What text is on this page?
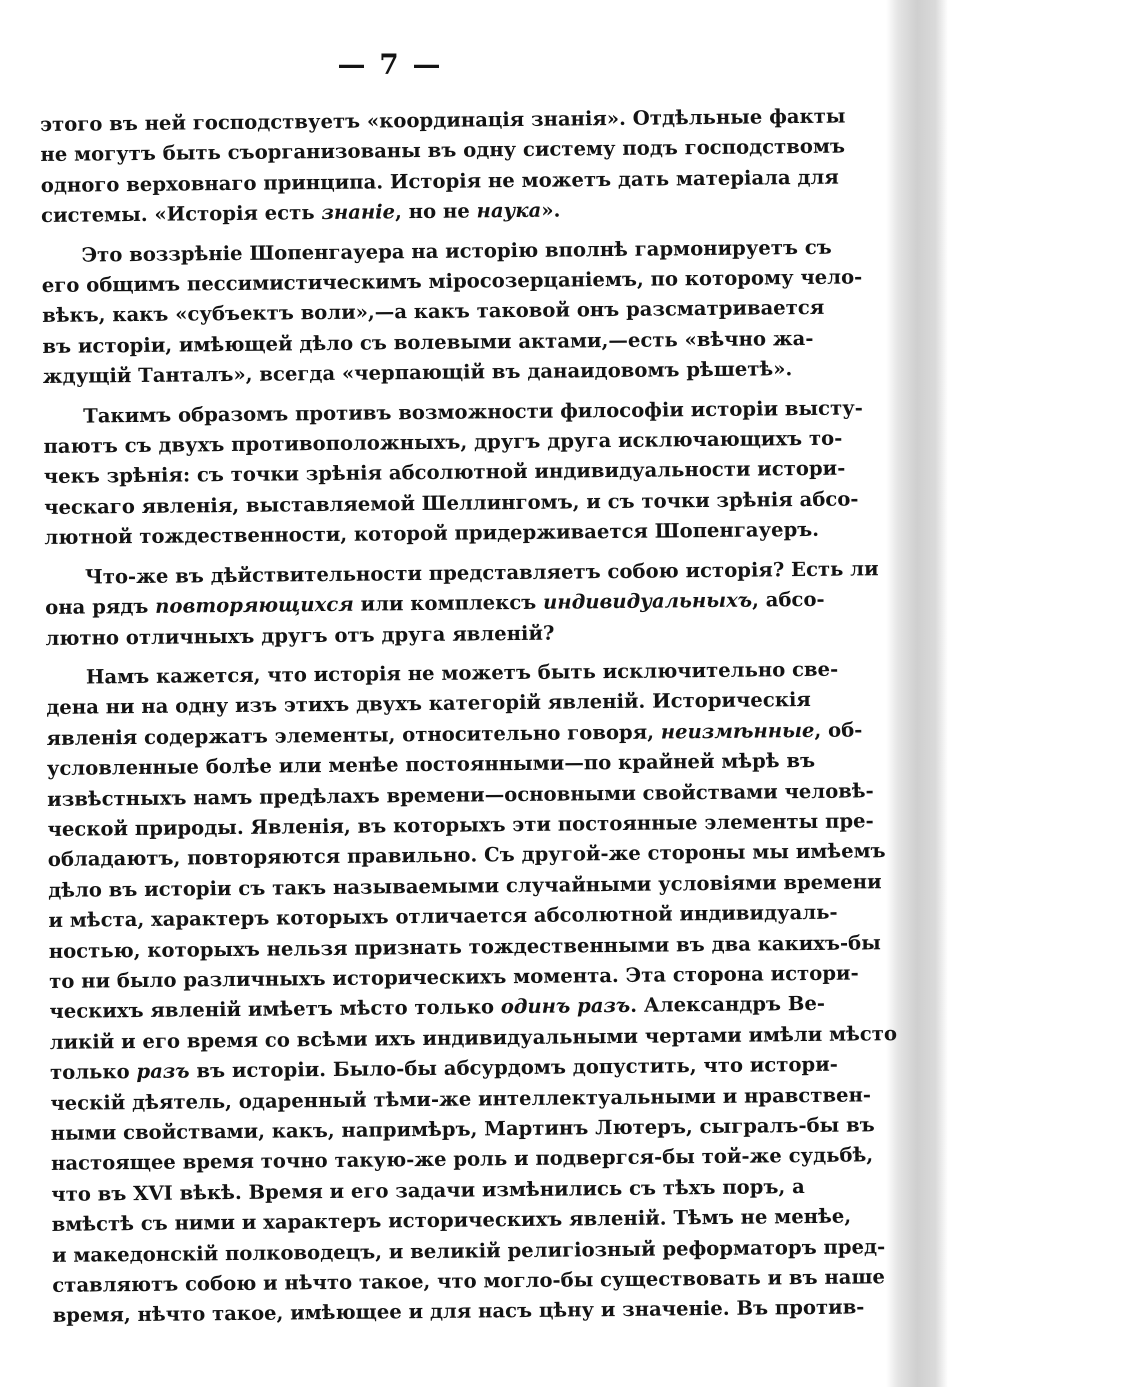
— 7 —

этого въ ней господствуетъ «координація знанія». Отдѣльные факты
не могутъ быть съорганизованы въ одну систему подъ господствомъ
одного верховнаго принципа. Исторія не можетъ дать матеріала для
системы. «Исторія есть знаніе, но не наука».

Это воззрѣніе Шопенгауера на исторію вполнѣ гармонируетъ съ
его общимъ пессимистическимъ міросозерцаніемъ, по которому чело-
вѣкъ, какъ «субъектъ воли»,—а какъ таковой онъ разсматривается
въ исторіи, имѣющей дѣло съ волевыми актами,—есть «вѣчно жа-
ждущій Танталъ», всегда «черпающій въ данаидовомъ рѣшетѣ».

Такимъ образомъ противъ возможности философіи исторіи высту-
паютъ съ двухъ противоположныхъ, другъ друга исключающихъ то-
чекъ зрѣнія: съ точки зрѣнія абсолютной индивидуальности истори-
ческаго явленія, выставляемой Шеллингомъ, и съ точки зрѣнія абсо-
лютной тождественности, которой придерживается Шопенгауеръ.

Что-же въ дѣйствительности представляетъ собою исторія? Есть ли
она рядъ повторяющихся или комплексъ индивидуальныхъ, абсо-
лютно отличныхъ другъ отъ друга явленій?

Намъ кажется, что исторія не можетъ быть исключительно све-
дена ни на одну изъ этихъ двухъ категорій явленій. Историческія
явленія содержатъ элементы, относительно говоря, неизмѣнные, об-
условленные болѣе или менѣе постоянными—по крайней мѣрѣ въ
извѣстныхъ намъ предѣлахъ времени—основными свойствами человѣ-
ческой природы. Явленія, въ которыхъ эти постоянные элементы пре-
обладаютъ, повторяются правильно. Съ другой-же стороны мы имѣемъ
дѣло въ исторіи съ такъ называемыми случайными условіями времени
и мѣста, характеръ которыхъ отличается абсолютной индивидуаль-
ностью, которыхъ нельзя признать тождественными въ два какихъ-бы
то ни было различныхъ историческихъ момента. Эта сторона истори-
ческихъ явленій имѣетъ мѣсто только одинъ разъ. Александръ Ве-
ликій и его время со всѣми ихъ индивидуальными чертами имѣли мѣсто
только разъ въ исторіи. Было-бы абсурдомъ допустить, что истори-
ческій дѣятель, одаренный тѣми-же интеллектуальными и нравствен-
ными свойствами, какъ, напримѣръ, Мартинъ Лютеръ, сыгралъ-бы въ
настоящее время точно такую-же роль и подвергся-бы той-же судьбѣ,
что въ XVI вѣкѣ. Время и его задачи измѣнились съ тѣхъ поръ, а
вмѣстѣ съ ними и характеръ историческихъ явленій. Тѣмъ не менѣе,
и македонскій полководецъ, и великій религіозный реформаторъ пред-
ставляютъ собою и нѣчто такое, что могло-бы существовать и въ наше
время, нѣчто такое, имѣющее и для насъ цѣну и значеніе. Въ против-
